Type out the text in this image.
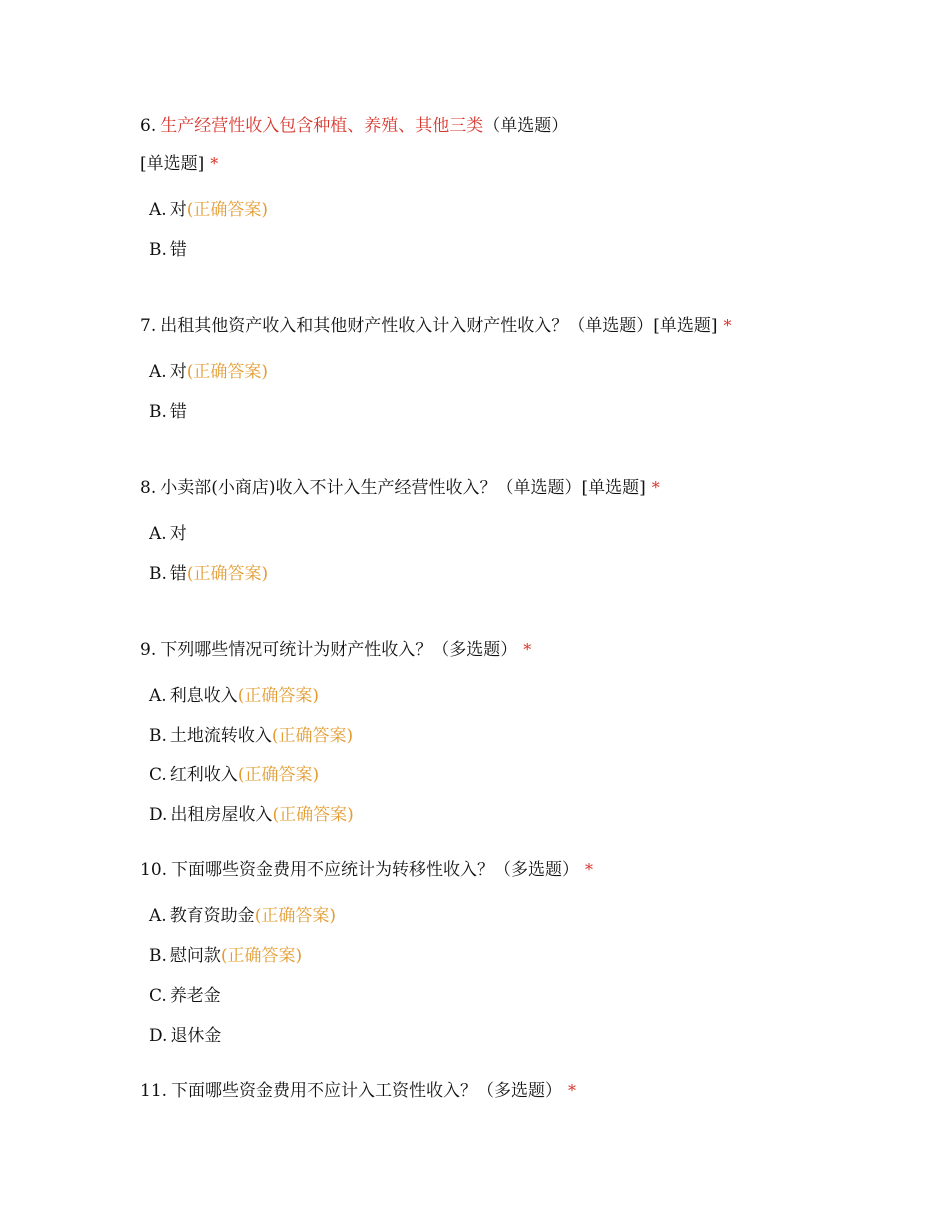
6. 生产经营性收入包含种植、养殖、其他三类（单选题）
[单选题] *
A. 对(正确答案)
B. 错
7. 出租其他资产收入和其他财产性收入计入财产性收入？（单选题）[单选题] *
A. 对(正确答案)
B. 错
8. 小卖部(小商店)收入不计入生产经营性收入？（单选题）[单选题] *
A. 对
B. 错(正确答案)
9. 下列哪些情况可统计为财产性收入？（多选题） *
A. 利息收入(正确答案)
B. 土地流转收入(正确答案)
C. 红利收入(正确答案)
D. 出租房屋收入(正确答案)
10. 下面哪些资金费用不应统计为转移性收入？（多选题） *
A. 教育资助金(正确答案)
B. 慰问款(正确答案)
C. 养老金
D. 退休金
11. 下面哪些资金费用不应计入工资性收入？（多选题） *
